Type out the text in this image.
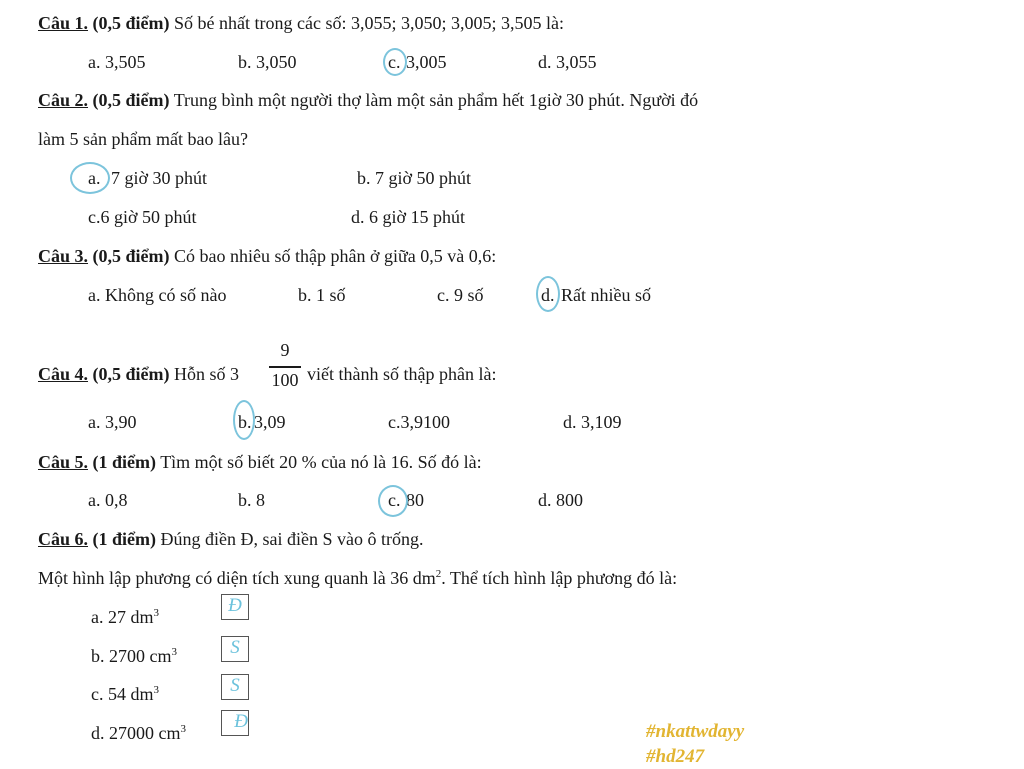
Câu 1. (0,5 điểm) Số bé nhất trong các số: 3,055; 3,050; 3,005; 3,505 là:
a. 3,505	b. 3,050	c. 3,005	d. 3,055
Câu 2. (0,5 điểm) Trung bình một người thợ làm một sản phẩm hết 1giờ 30 phút. Người đó
làm 5 sản phẩm mất bao lâu?
a. 7 giờ 30 phút	b. 7 giờ 50 phút
c.6 giờ 50 phút	d. 6 giờ 15 phút
Câu 3. (0,5 điểm) Có bao nhiêu số thập phân ở giữa 0,5 và 0,6:
a. Không có số nào	b. 1 số	c. 9 số	d. Rất nhiều số
Câu 4. (0,5 điểm) Hỗn số 3
9
100 viết thành số thập phân là:
a. 3,90	b. 3,09	c.3,9100	d. 3,109
Câu 5. (1 điểm) Tìm một số biết 20 % của nó là 16. Số đó là:
a. 0,8	b. 8	c. 80	d. 800
Câu 6. (1 điểm) Đúng điền Đ, sai điền S vào ô trống.
Một hình lập phương có diện tích xung quanh là 36 $dm^2$. Thể tích hình lập phương đó là:
a. 27 $dm^3$	Đ
b. 2700 $cm^3$	S
c. 54 $dm^3$	S
d. 27000 $cm^3$	Đ	#nkattwdayy
#hd247
